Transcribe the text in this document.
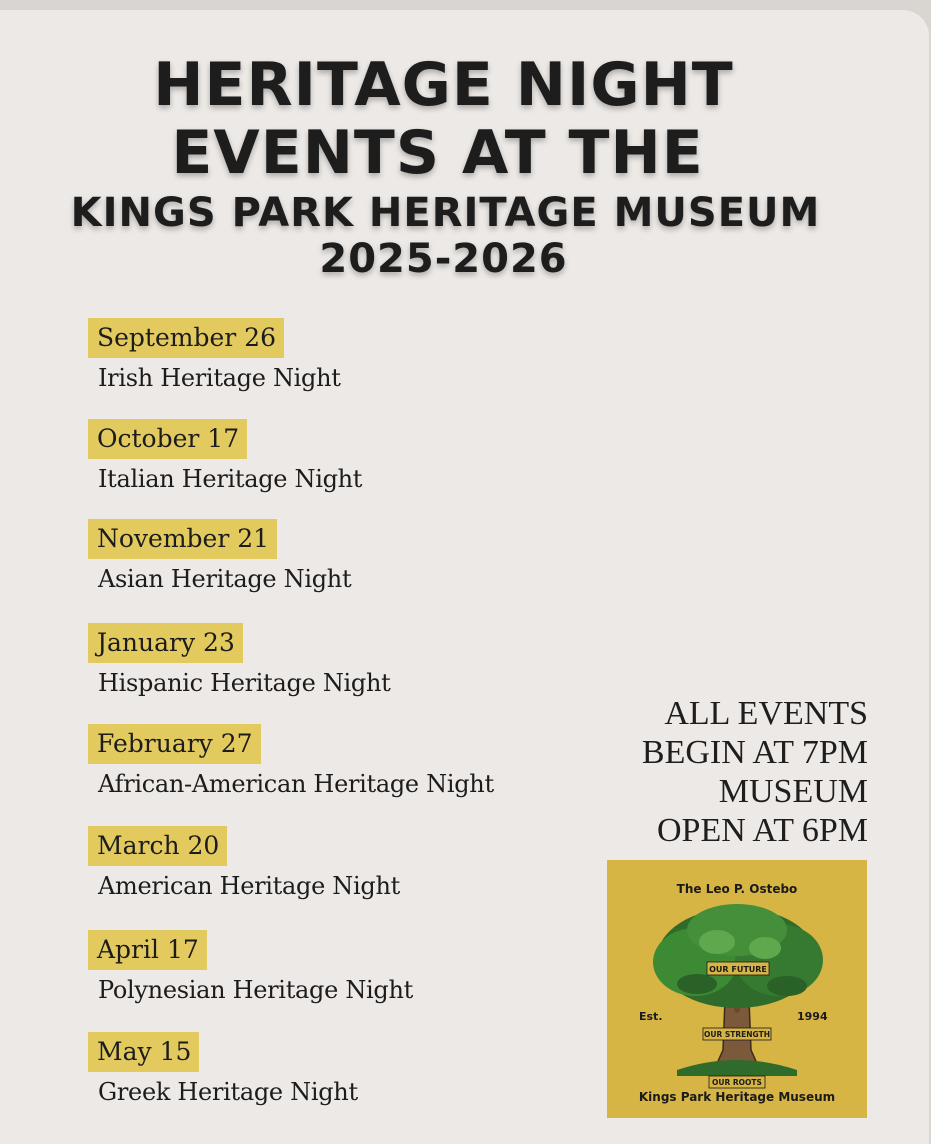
HERITAGE NIGHT
EVENTS AT THE
KINGS PARK HERITAGE MUSEUM
2025-2026
September 26
Irish Heritage Night
October 17
Italian Heritage Night
November 21
Asian Heritage Night
January 23
Hispanic Heritage Night
February 27
African-American Heritage Night
March 20
American Heritage Night
April 17
Polynesian Heritage Night
May 15
Greek Heritage Night
ALL EVENTS
BEGIN AT 7PM
MUSEUM
OPEN AT 6PM
The Leo P. Ostebo
OUR FUTURE
OUR STRENGTH
OUR ROOTS
Est.	1994
Kings Park Heritage Museum
